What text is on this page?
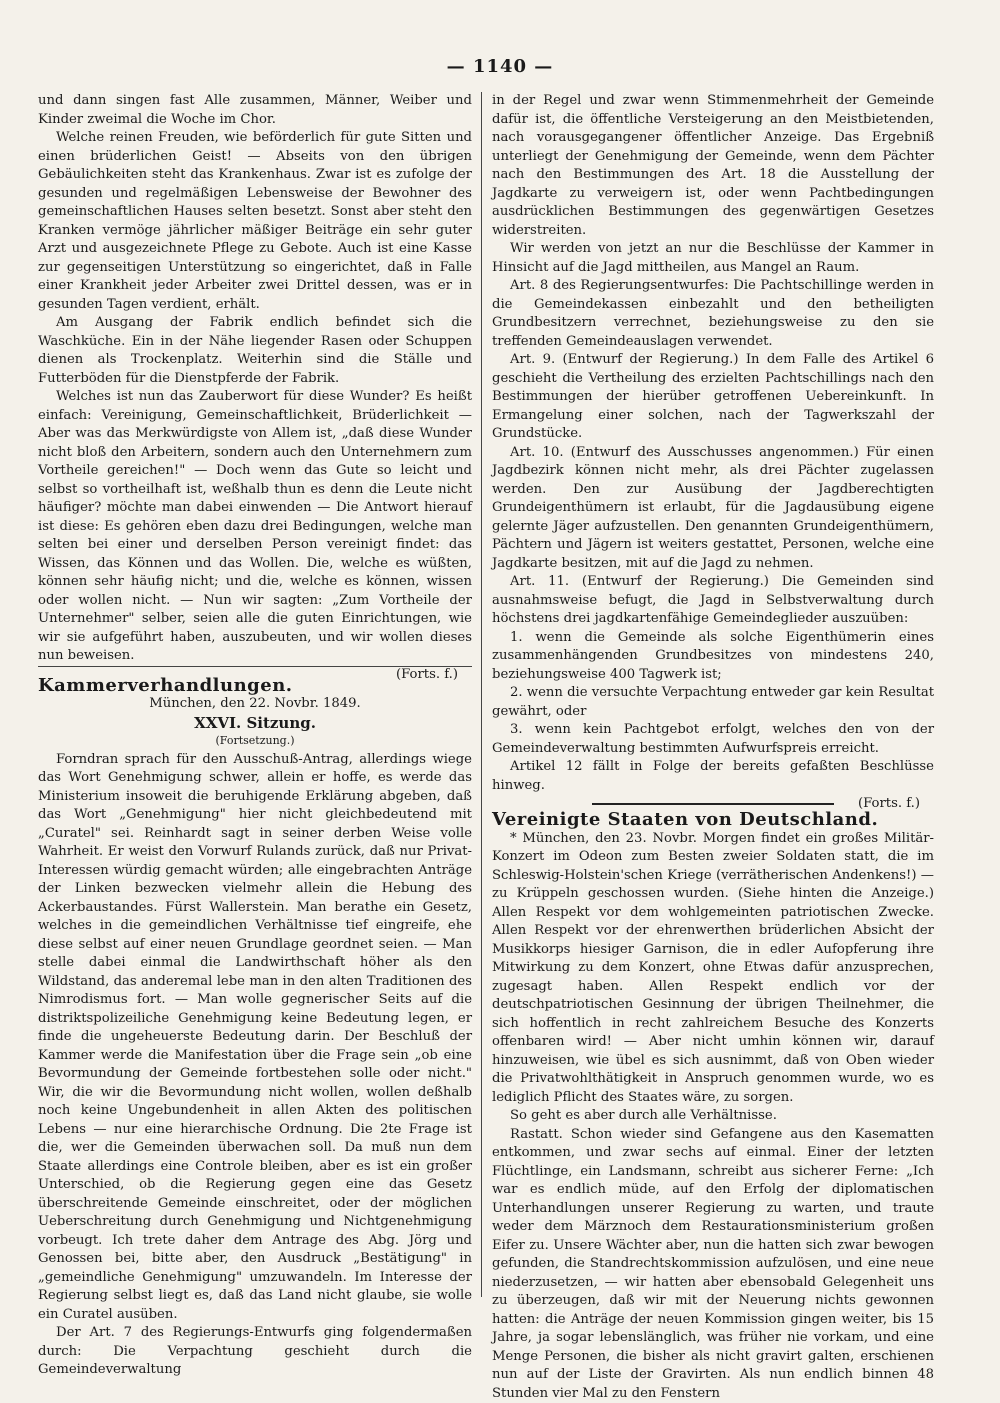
— 1140 —

und dann singen fast Alle zusammen, Männer, Weiber und Kinder zweimal die Woche im Chor.

Welche reinen Freuden, wie beförderlich für gute Sitten und einen brüderlichen Geist! — Abseits von den übrigen Gebäulichkeiten steht das Krankenhaus. Zwar ist es zufolge der gesunden und regelmäßigen Lebensweise der Bewohner des gemeinschaftlichen Hauses selten besetzt. Sonst aber steht den Kranken vermöge jährlicher mäßiger Beiträge ein sehr guter Arzt und ausgezeichnete Pflege zu Gebote. Auch ist eine Kasse zur gegenseitigen Unterstützung so eingerichtet, daß in Falle einer Krankheit jeder Arbeiter zwei Drittel dessen, was er in gesunden Tagen verdient, erhält.

Am Ausgang der Fabrik endlich befindet sich die Waschküche. Ein in der Nähe liegender Rasen oder Schuppen dienen als Trockenplatz. Weiterhin sind die Ställe und Futterböden für die Dienstpferde der Fabrik.

Welches ist nun das Zauberwort für diese Wunder? Es heißt einfach: Vereinigung, Gemeinschaftlichkeit, Brüderlichkeit — Aber was das Merkwürdigste von Allem ist, „daß diese Wunder nicht bloß den Arbeitern, sondern auch den Unternehmern zum Vortheile gereichen!" — Doch wenn das Gute so leicht und selbst so vortheilhaft ist, weßhalb thun es denn die Leute nicht häufiger? möchte man dabei einwenden — Die Antwort hierauf ist diese: Es gehören eben dazu drei Bedingungen, welche man selten bei einer und derselben Person vereinigt findet: das Wissen, das Können und das Wollen. Die, welche es wüßten, können sehr häufig nicht; und die, welche es können, wissen oder wollen nicht. — Nun wir sagten: „Zum Vortheile der Unternehmer" selber, seien alle die guten Einrichtungen, wie wir sie aufgeführt haben, auszubeuten, und wir wollen dieses nun beweisen.

(Forts. f.)

Kammerverhandlungen.

München, den 22. Novbr. 1849.

XXVI. Sitzung.

(Fortsetzung.)

Forndran sprach für den Ausschuß-Antrag, allerdings wiege das Wort Genehmigung schwer, allein er hoffe, es werde das Ministerium insoweit die beruhigende Erklärung abgeben, daß das Wort „Genehmigung" hier nicht gleichbedeutend mit „Curatel" sei. Reinhardt sagt in seiner derben Weise volle Wahrheit. Er weist den Vorwurf Rulands zurück, daß nur Privat-Interessen würdig gemacht würden; alle eingebrachten Anträge der Linken bezwecken vielmehr allein die Hebung des Ackerbaustandes. Fürst Wallerstein. Man berathe ein Gesetz, welches in die gemeindlichen Verhältnisse tief eingreife, ehe diese selbst auf einer neuen Grundlage geordnet seien. — Man stelle dabei einmal die Landwirthschaft höher als den Wildstand, das anderemal lebe man in den alten Traditionen des Nimrodismus fort. — Man wolle gegnerischer Seits auf die distriktspolizeiliche Genehmigung keine Bedeutung legen, er finde die ungeheuerste Bedeutung darin. Der Beschluß der Kammer werde die Manifestation über die Frage sein „ob eine Bevormundung der Gemeinde fortbestehen solle oder nicht." Wir, die wir die Bevormundung nicht wollen, wollen deßhalb noch keine Ungebundenheit in allen Akten des politischen Lebens — nur eine hierarchische Ordnung. Die 2te Frage ist die, wer die Gemeinden überwachen soll. Da muß nun dem Staate allerdings eine Controle bleiben, aber es ist ein großer Unterschied, ob die Regierung gegen eine das Gesetz überschreitende Gemeinde einschreitet, oder der möglichen Ueberschreitung durch Genehmigung und Nichtgenehmigung vorbeugt. Ich trete daher dem Antrage des Abg. Jörg und Genossen bei, bitte aber, den Ausdruck „Bestätigung" in „gemeindliche Genehmigung" umzuwandeln. Im Interesse der Regierung selbst liegt es, daß das Land nicht glaube, sie wolle ein Curatel ausüben.

Der Art. 7 des Regierungs-Entwurfs ging folgendermaßen durch: Die Verpachtung geschieht durch die Gemeindeverwaltung

in der Regel und zwar wenn Stimmenmehrheit der Gemeinde dafür ist, die öffentliche Versteigerung an den Meistbietenden, nach vorausgegangener öffentlicher Anzeige. Das Ergebniß unterliegt der Genehmigung der Gemeinde, wenn dem Pächter nach den Bestimmungen des Art. 18 die Ausstellung der Jagdkarte zu verweigern ist, oder wenn Pachtbedingungen ausdrücklichen Bestimmungen des gegenwärtigen Gesetzes widerstreiten.

Wir werden von jetzt an nur die Beschlüsse der Kammer in Hinsicht auf die Jagd mittheilen, aus Mangel an Raum.

Art. 8 des Regierungsentwurfes: Die Pachtschillinge werden in die Gemeindekassen einbezahlt und den betheiligten Grundbesitzern verrechnet, beziehungsweise zu den sie treffenden Gemeindeauslagen verwendet.

Art. 9. (Entwurf der Regierung.) In dem Falle des Artikel 6 geschieht die Vertheilung des erzielten Pachtschillings nach den Bestimmungen der hierüber getroffenen Uebereinkunft. In Ermangelung einer solchen, nach der Tagwerkszahl der Grundstücke.

Art. 10. (Entwurf des Ausschusses angenommen.) Für einen Jagdbezirk können nicht mehr, als drei Pächter zugelassen werden. Den zur Ausübung der Jagdberechtigten Grundeigenthümern ist erlaubt, für die Jagdausübung eigene gelernte Jäger aufzustellen. Den genannten Grundeigenthümern, Pächtern und Jägern ist weiters gestattet, Personen, welche eine Jagdkarte besitzen, mit auf die Jagd zu nehmen.

Art. 11. (Entwurf der Regierung.) Die Gemeinden sind ausnahmsweise befugt, die Jagd in Selbstverwaltung durch höchstens drei jagdkartenfähige Gemeindeglieder auszuüben:

1. wenn die Gemeinde als solche Eigenthümerin eines zusammenhängenden Grundbesitzes von mindestens 240, beziehungsweise 400 Tagwerk ist;

2. wenn die versuchte Verpachtung entweder gar kein Resultat gewährt, oder

3. wenn kein Pachtgebot erfolgt, welches den von der Gemeindeverwaltung bestimmten Aufwurfspreis erreicht.

Artikel 12 fällt in Folge der bereits gefaßten Beschlüsse hinweg.

(Forts. f.)

Vereinigte Staaten von Deutschland.

* München, den 23. Novbr. Morgen findet ein großes Militär-Konzert im Odeon zum Besten zweier Soldaten statt, die im Schleswig-Holstein'schen Kriege (verrätherischen Andenkens!) — zu Krüppeln geschossen wurden. (Siehe hinten die Anzeige.) Allen Respekt vor dem wohlgemeinten patriotischen Zwecke. Allen Respekt vor der ehrenwerthen brüderlichen Absicht der Musikkorps hiesiger Garnison, die in edler Aufopferung ihre Mitwirkung zu dem Konzert, ohne Etwas dafür anzusprechen, zugesagt haben. Allen Respekt endlich vor der deutschpatriotischen Gesinnung der übrigen Theilnehmer, die sich hoffentlich in recht zahlreichem Besuche des Konzerts offenbaren wird! — Aber nicht umhin können wir, darauf hinzuweisen, wie übel es sich ausnimmt, daß von Oben wieder die Privatwohlthätigkeit in Anspruch genommen wurde, wo es lediglich Pflicht des Staates wäre, zu sorgen.

So geht es aber durch alle Verhältnisse.

Rastatt. Schon wieder sind Gefangene aus den Kasematten entkommen, und zwar sechs auf einmal. Einer der letzten Flüchtlinge, ein Landsmann, schreibt aus sicherer Ferne: „Ich war es endlich müde, auf den Erfolg der diplomatischen Unterhandlungen unserer Regierung zu warten, und traute weder dem Märznoch dem Restaurationsministerium großen Eifer zu. Unsere Wächter aber, nun die hatten sich zwar bewogen gefunden, die Standrechtskommission aufzulösen, und eine neue niederzusetzen, — wir hatten aber ebensobald Gelegenheit uns zu überzeugen, daß wir mit der Neuerung nichts gewonnen hatten: die Anträge der neuen Kommission gingen weiter, bis 15 Jahre, ja sogar lebenslänglich, was früher nie vorkam, und eine Menge Personen, die bisher als nicht gravirt galten, erschienen nun auf der Liste der Gravirten. Als nun endlich binnen 48 Stunden vier Mal zu den Fenstern
